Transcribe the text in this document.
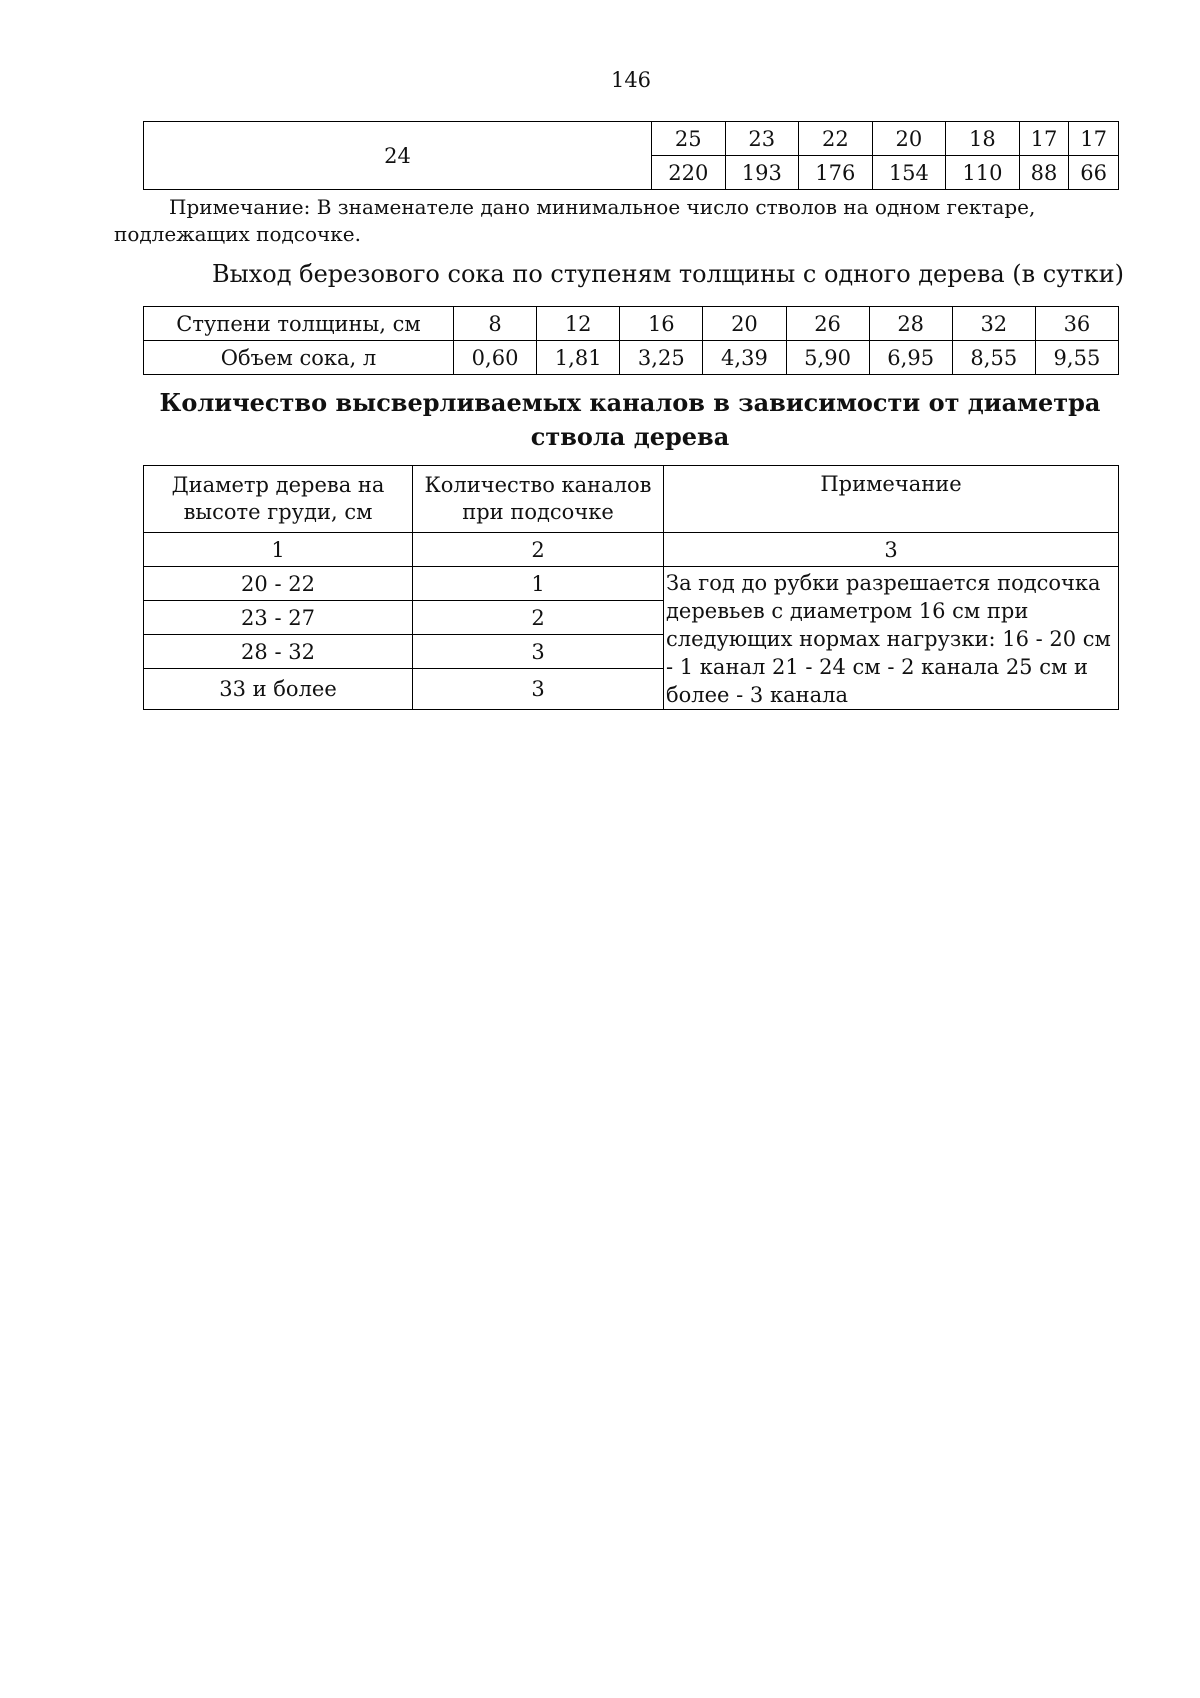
146
24	25	23	22	20	18	17	17
	220	193	176	154	110	88	66
Примечание: В знаменателе дано минимальное число стволов на одном гектаре, подлежащих подсочке.
Выход березового сока по ступеням толщины с одного дерева (в сутки)
Ступени толщины, см	8	12	16	20	26	28	32	36
Объем сока, л	0,60	1,81	3,25	4,39	5,90	6,95	8,55	9,55
Количество высверливаемых каналов в зависимости от диаметра ствола дерева
Диаметр дерева на высоте груди, см	Количество каналов при подсочке	Примечание
1	2	3
20 - 22	1	За год до рубки разрешается подсочка деревьев с диаметром 16 см при следующих нормах нагрузки: 16 - 20 см - 1 канал 21 - 24 см - 2 канала 25 см и более - 3 канала
23 - 27	2	
28 - 32	3	
33 и более	3	
